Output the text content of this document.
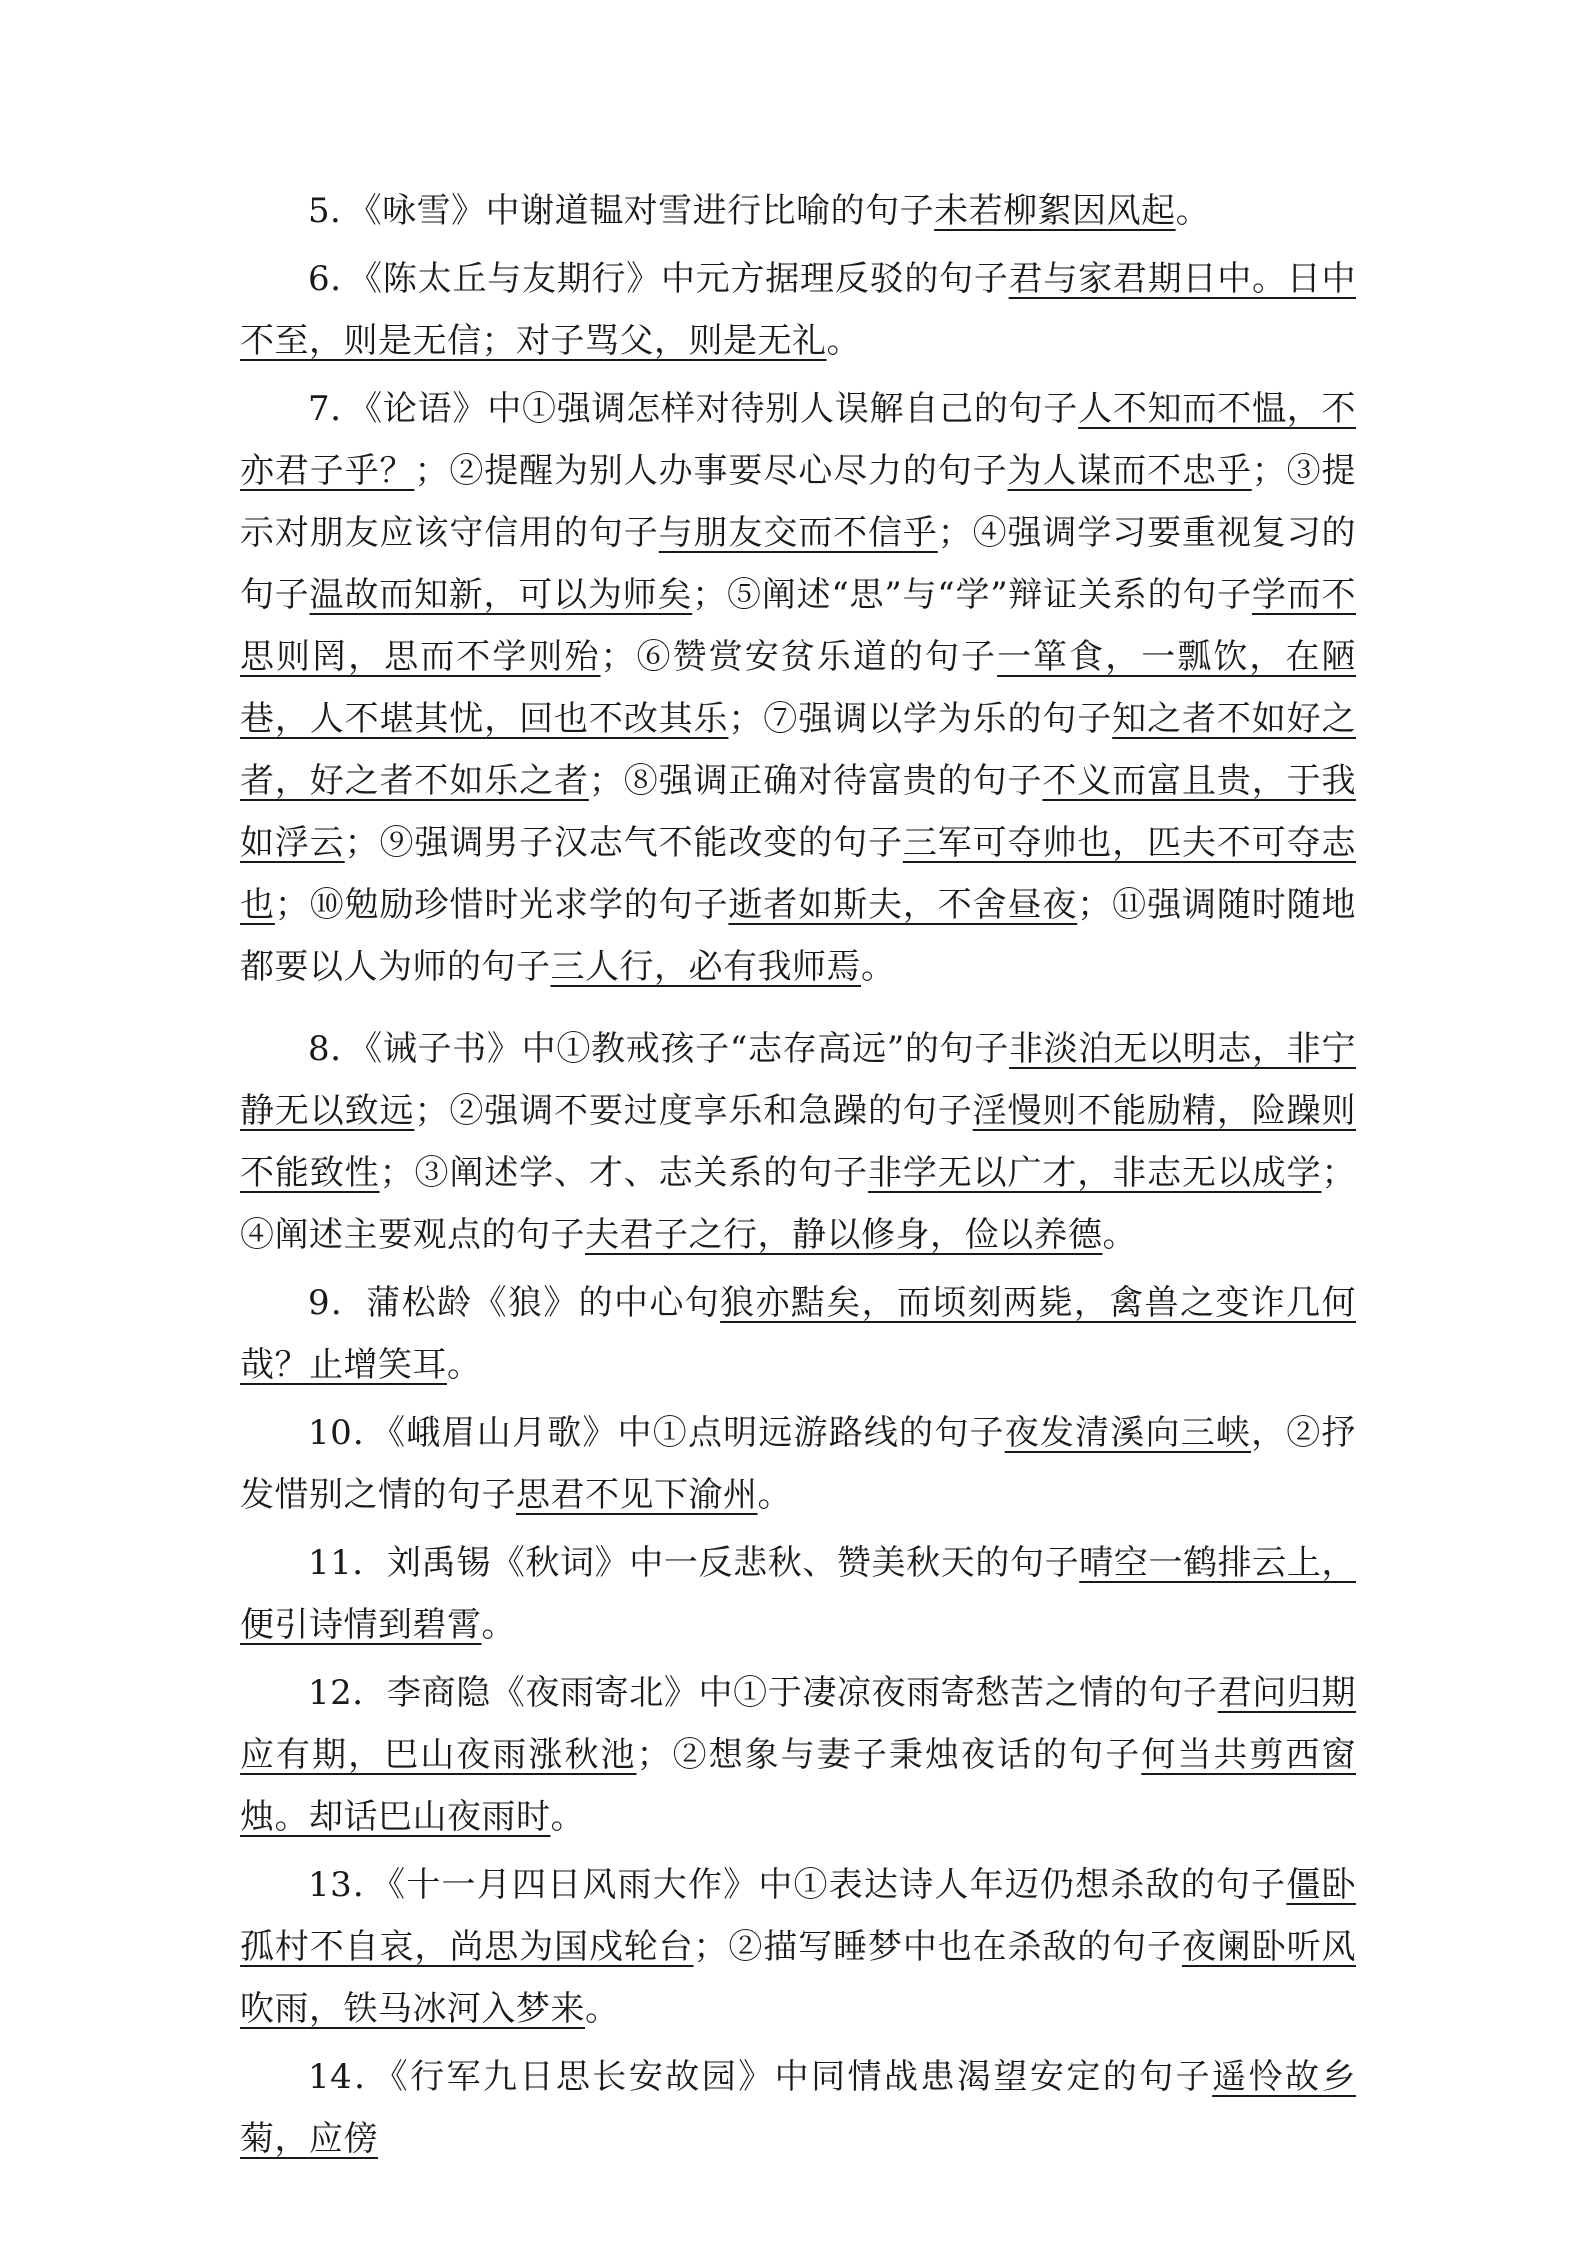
5．《咏雪》中谢道韫对雪进行比喻的句子未若柳絮因风起。

6．《陈太丘与友期行》中元方据理反驳的句子君与家君期日中。日中不至，则是无信；对子骂父，则是无礼。

7．《论语》中①强调怎样对待别人误解自己的句子人不知而不愠，不亦君子乎？；②提醒为别人办事要尽心尽力的句子为人谋而不忠乎；③提示对朋友应该守信用的句子与朋友交而不信乎；④强调学习要重视复习的句子温故而知新，可以为师矣；⑤阐述“思”与“学”辩证关系的句子学而不思则罔，思而不学则殆；⑥赞赏安贫乐道的句子一箪食，一瓢饮，在陋巷，人不堪其忧，回也不改其乐；⑦强调以学为乐的句子知之者不如好之者，好之者不如乐之者；⑧强调正确对待富贵的句子不义而富且贵，于我如浮云；⑨强调男子汉志气不能改变的句子三军可夺帅也，匹夫不可夺志也；⑩勉励珍惜时光求学的句子逝者如斯夫，不舍昼夜；⑪强调随时随地都要以人为师的句子三人行，必有我师焉。

8．《诫子书》中①教戒孩子“志存高远”的句子非淡泊无以明志，非宁静无以致远；②强调不要过度享乐和急躁的句子淫慢则不能励精，险躁则不能致性；③阐述学、才、志关系的句子非学无以广才，非志无以成学；④阐述主要观点的句子夫君子之行，静以修身，俭以养德。

9．蒲松龄《狼》的中心句狼亦黠矣，而顷刻两毙，禽兽之变诈几何哉？止增笑耳。

10．《峨眉山月歌》中①点明远游路线的句子夜发清溪向三峡，②抒发惜别之情的句子思君不见下渝州。

11．刘禹锡《秋词》中一反悲秋、赞美秋天的句子晴空一鹤排云上，便引诗情到碧霄。

12．李商隐《夜雨寄北》中①于凄凉夜雨寄愁苦之情的句子君问归期应有期，巴山夜雨涨秋池；②想象与妻子秉烛夜话的句子何当共剪西窗烛。却话巴山夜雨时。

13．《十一月四日风雨大作》中①表达诗人年迈仍想杀敌的句子僵卧孤村不自哀，尚思为国戍轮台；②描写睡梦中也在杀敌的句子夜阑卧听风吹雨，铁马冰河入梦来。

14．《行军九日思长安故园》中同情战患渴望安定的句子遥怜故乡菊，应傍
